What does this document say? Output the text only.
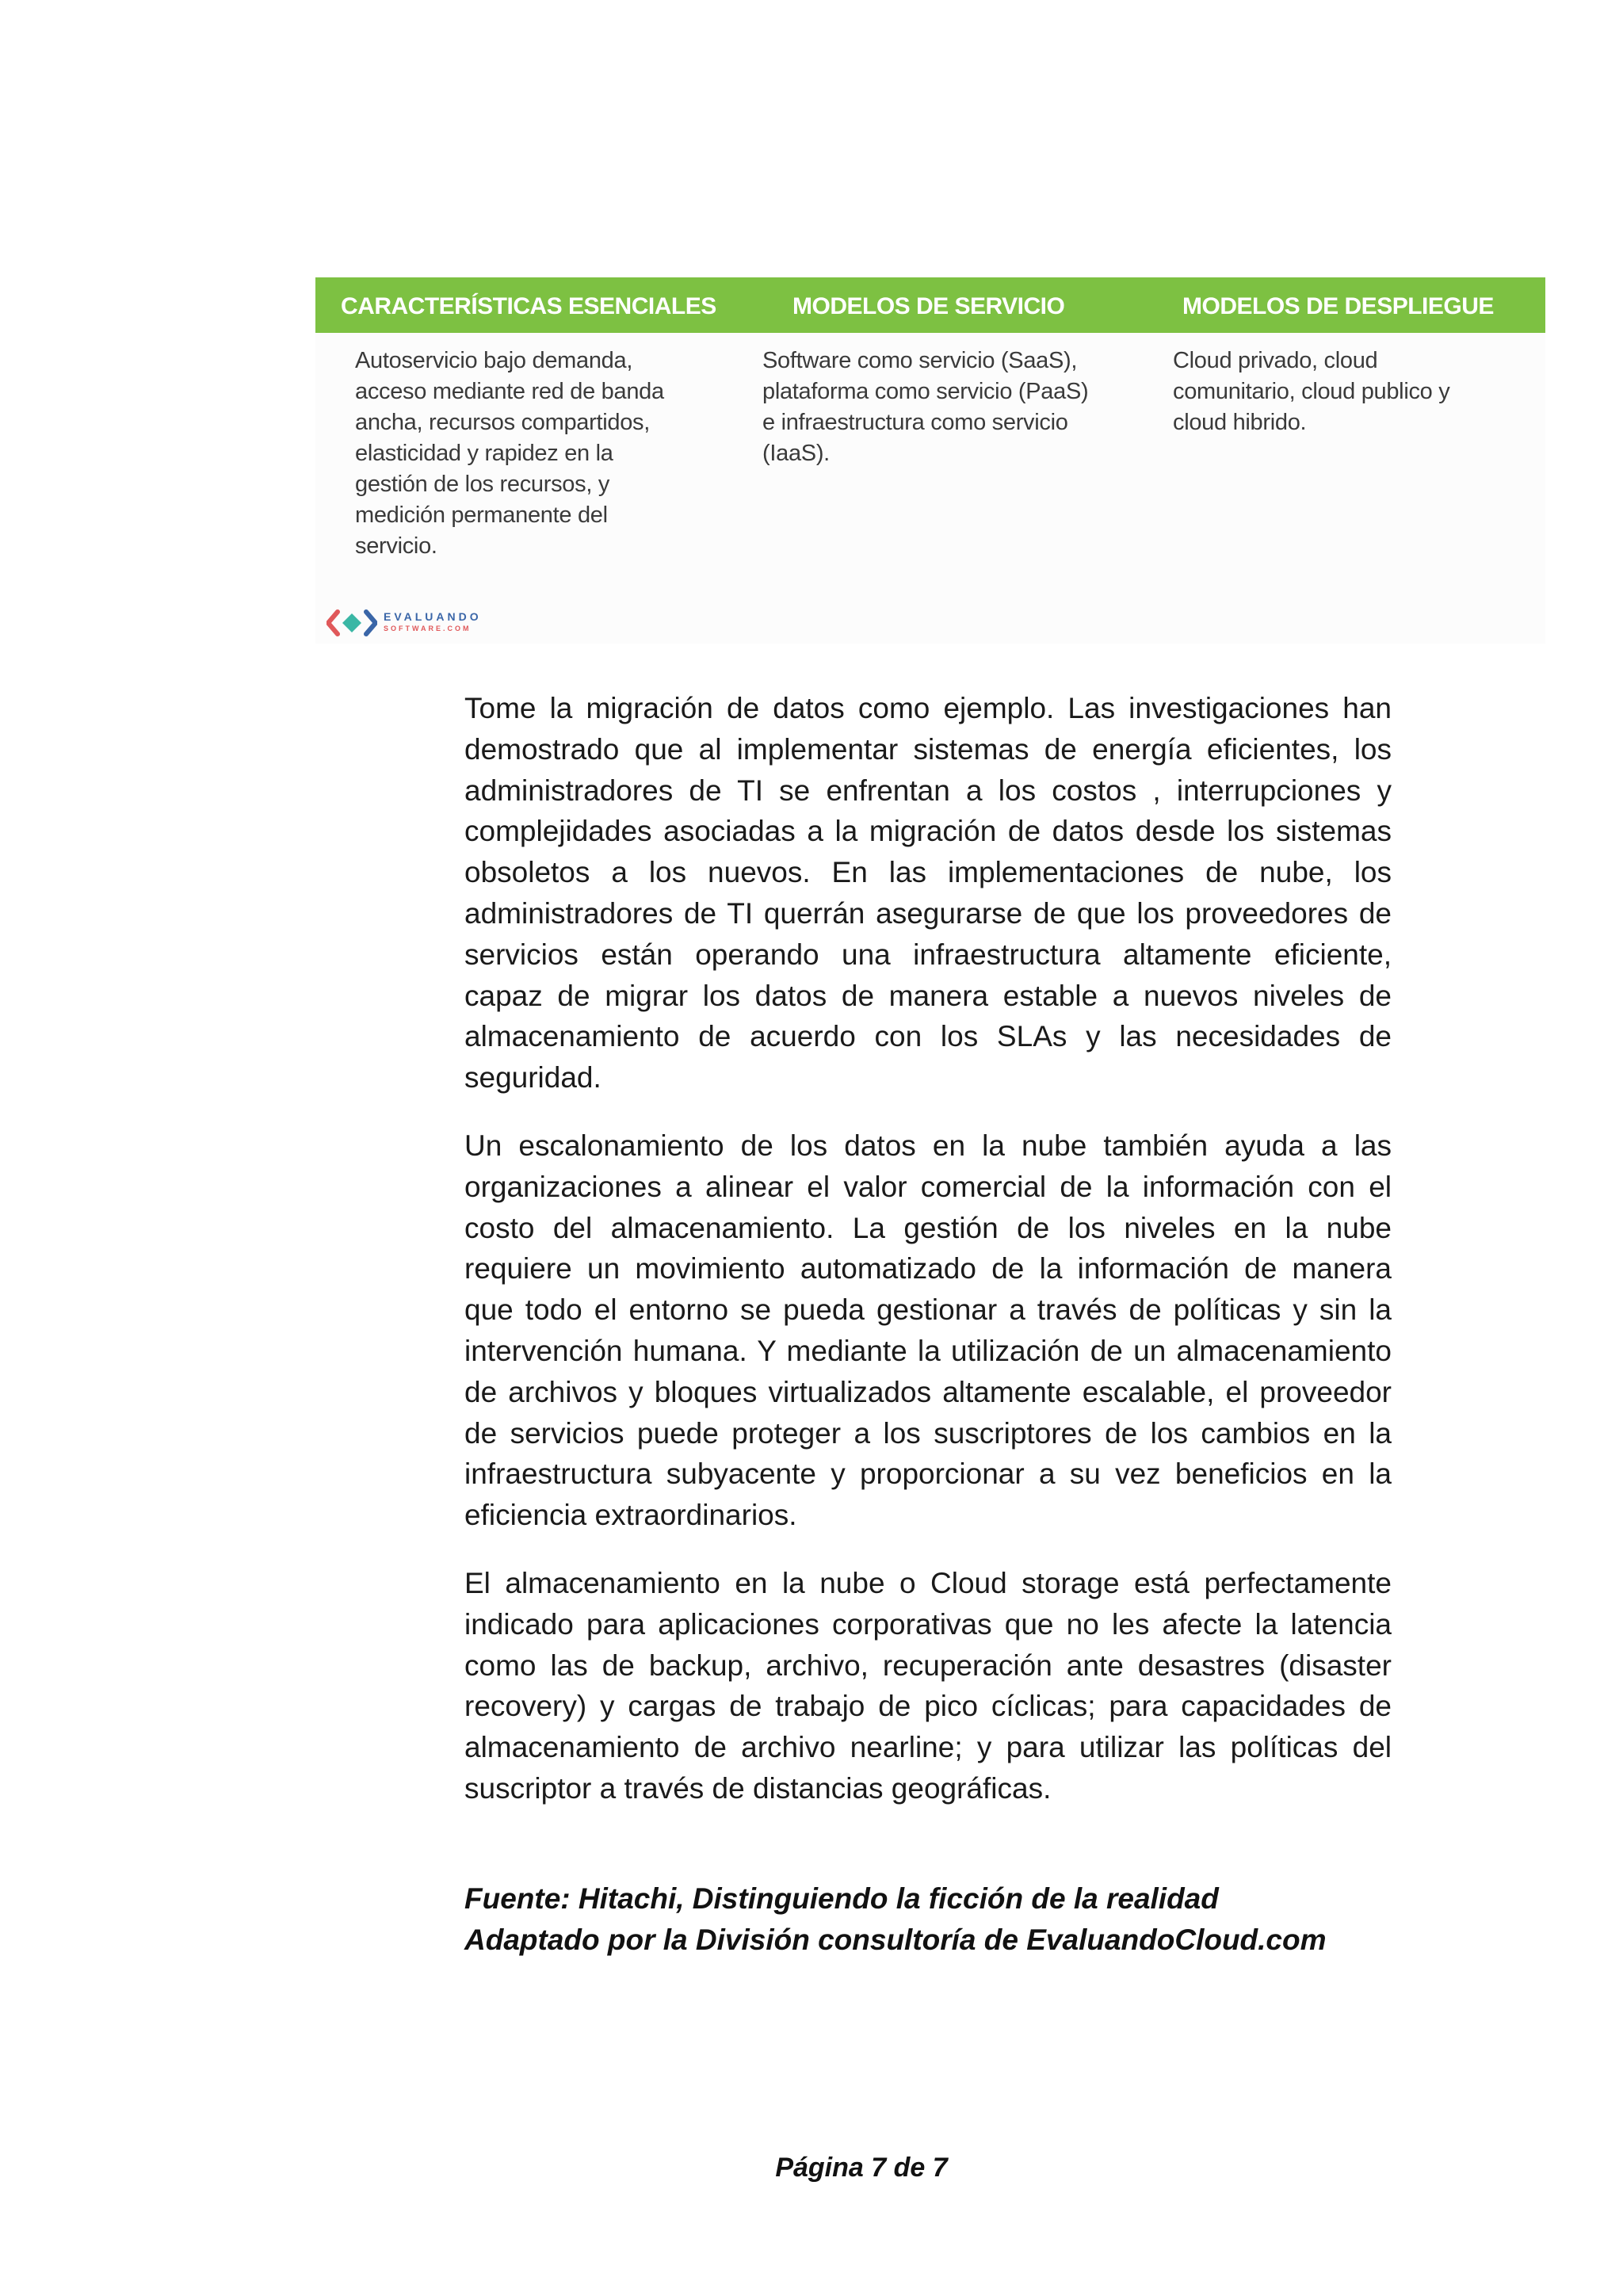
CARACTERÍSTICAS ESENCIALES	MODELOS DE SERVICIO	MODELOS DE DESPLIEGUE
Autoservicio bajo demanda,
acceso mediante red de banda
ancha, recursos compartidos,
elasticidad y rapidez en la
gestión de los recursos, y
medición permanente del
servicio.
Software como servicio (SaaS),
plataforma como servicio (PaaS)
e infraestructura como servicio
(IaaS).
Cloud privado, cloud
comunitario, cloud publico y
cloud hibrido.
EVALUANDO
SOFTWARE.COM

Tome la migración de datos como ejemplo. Las investigaciones han demostrado que al implementar sistemas de energía eficientes, los administradores de TI se enfrentan a los costos , interrupciones y complejidades asociadas a la migración de datos desde los sistemas obsoletos a los nuevos. En las implementaciones de nube, los administradores de TI querrán asegurarse de que los proveedores de servicios están operando una infraestructura altamente eficiente, capaz de migrar los datos de manera estable a nuevos niveles de almacenamiento de acuerdo con los SLAs y las necesidades de seguridad.

Un escalonamiento de los datos en la nube también ayuda a las organizaciones a alinear el valor comercial de la información con el costo del almacenamiento. La gestión de los niveles en la nube requiere un movimiento automatizado de la información de manera que todo el entorno se pueda gestionar a través de políticas y sin la intervención humana. Y mediante la utilización de un almacenamiento de archivos y bloques virtualizados altamente escalable, el proveedor de servicios puede proteger a los suscriptores de los cambios en la infraestructura subyacente y proporcionar a su vez beneficios en la eficiencia extraordinarios.

El almacenamiento en la nube o Cloud storage está perfectamente indicado para aplicaciones corporativas que no les afecte la latencia como las de backup, archivo, recuperación ante desastres (disaster recovery) y cargas de trabajo de pico cíclicas; para capacidades de almacenamiento de archivo nearline; y para utilizar las políticas del suscriptor a través de distancias geográficas.

Fuente: Hitachi, Distinguiendo la ficción de la realidad
Adaptado por la División consultoría de EvaluandoCloud.com
Página 7 de 7
